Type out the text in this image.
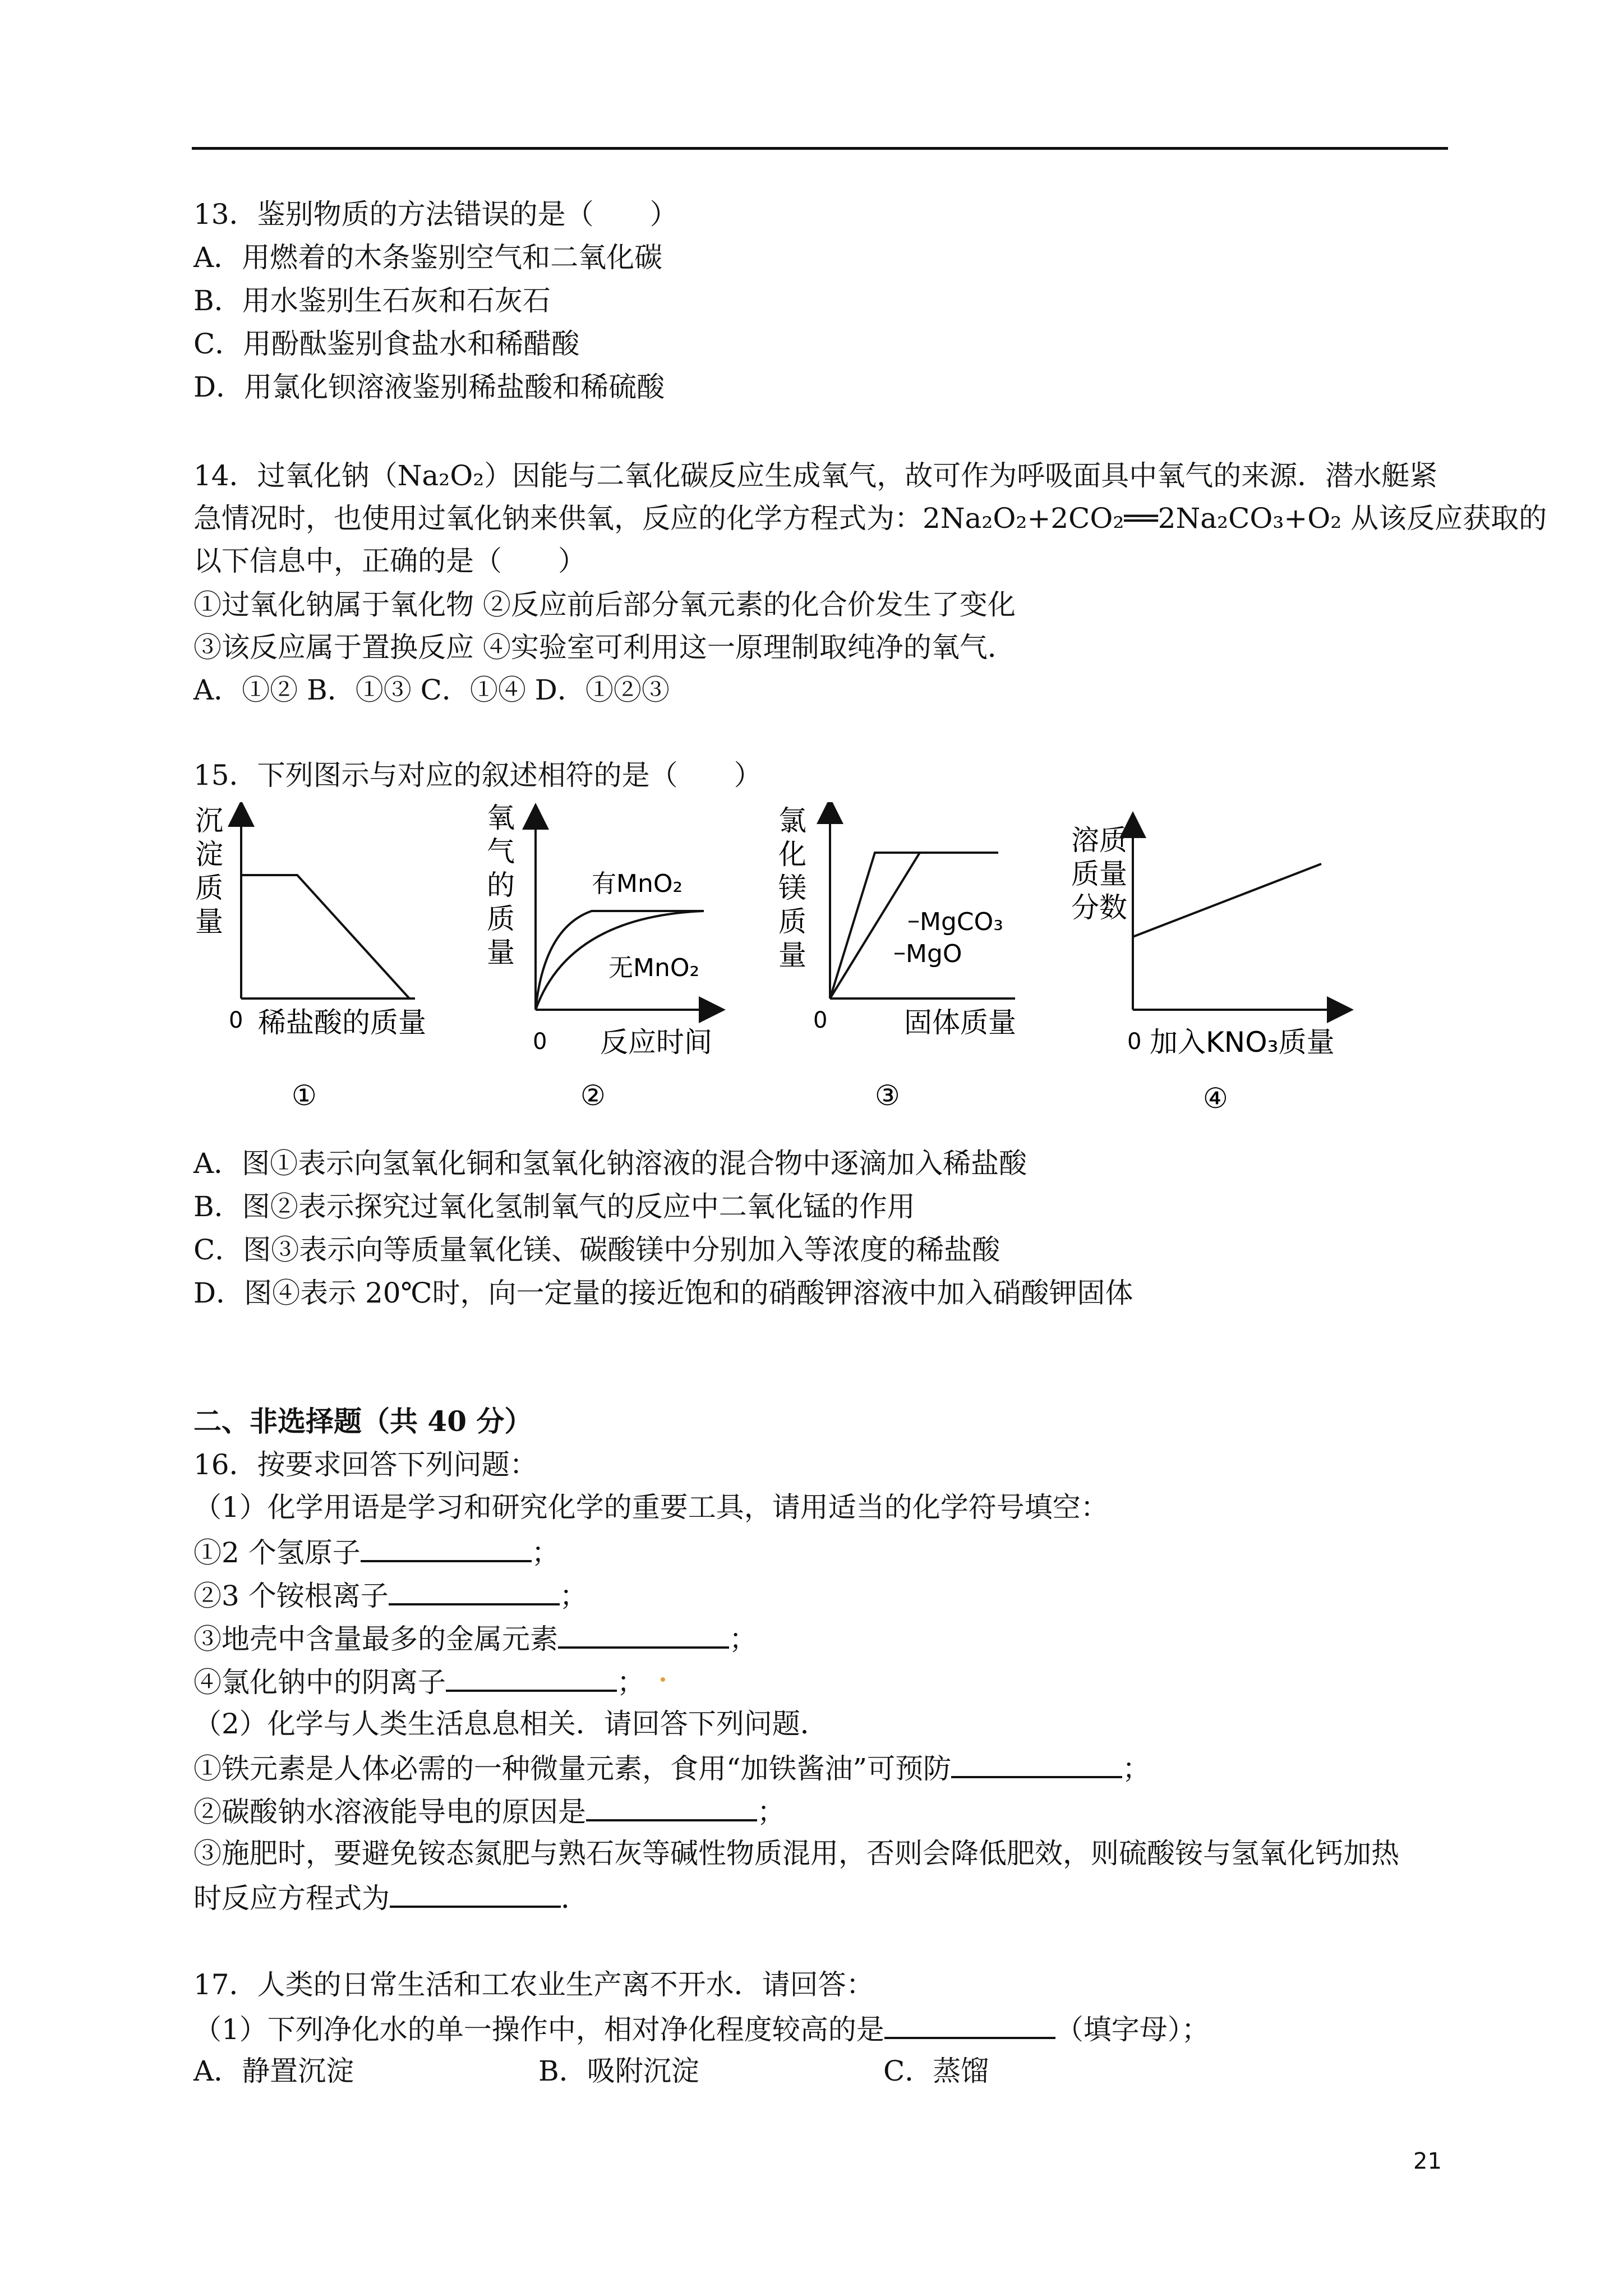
13．鉴别物质的方法错误的是（　　）
A．用燃着的木条鉴别空气和二氧化碳
B．用水鉴别生石灰和石灰石
C．用酚酞鉴别食盐水和稀醋酸
D．用氯化钡溶液鉴别稀盐酸和稀硫酸
14．过氧化钠（Na₂O₂）因能与二氧化碳反应生成氧气，故可作为呼吸面具中氧气的来源．潜水艇紧
急情况时，也使用过氧化钠来供氧，反应的化学方程式为：2Na₂O₂+2CO₂══2Na₂CO₃+O₂ 从该反应获取的
以下信息中，正确的是（　　）
①过氧化钠属于氧化物 ②反应前后部分氧元素的化合价发生了变化
③该反应属于置换反应 ④实验室可利用这一原理制取纯净的氧气．
A．①② B．①③ C．①④ D．①②③
15．下列图示与对应的叙述相符的是（　　）
沉
淀
质
量
0 稀盐酸的质量
①
氧
气
的
质
量
0 反应时间
有MnO₂
无MnO₂
②
氯
化
镁
质
量
0	固体质量
MgCO₃
MgO
③
溶质
质量
分数
0 加入KNO₃质量
④
A．图①表示向氢氧化铜和氢氧化钠溶液的混合物中逐滴加入稀盐酸
B．图②表示探究过氧化氢制氧气的反应中二氧化锰的作用
C．图③表示向等质量氧化镁、碳酸镁中分别加入等浓度的稀盐酸
D．图④表示 20℃时，向一定量的接近饱和的硝酸钾溶液中加入硝酸钾固体
二、非选择题（共 40 分）
16．按要求回答下列问题：
（1）化学用语是学习和研究化学的重要工具，请用适当的化学符号填空：
①2 个氢原子	；
②3 个铵根离子	；
③地壳中含量最多的金属元素	；
④氯化钠中的阴离子	；
（2）化学与人类生活息息相关．请回答下列问题．
①铁元素是人体必需的一种微量元素，食用“加铁酱油”可预防	；
②碳酸钠水溶液能导电的原因是	；
③施肥时，要避免铵态氮肥与熟石灰等碱性物质混用，否则会降低肥效，则硫酸铵与氢氧化钙加热
时反应方程式为	．
17．人类的日常生活和工农业生产离不开水．请回答：
（1）下列净化水的单一操作中，相对净化程度较高的是	（填字母）；
A．静置沉淀	B．吸附沉淀	C．蒸馏
21
